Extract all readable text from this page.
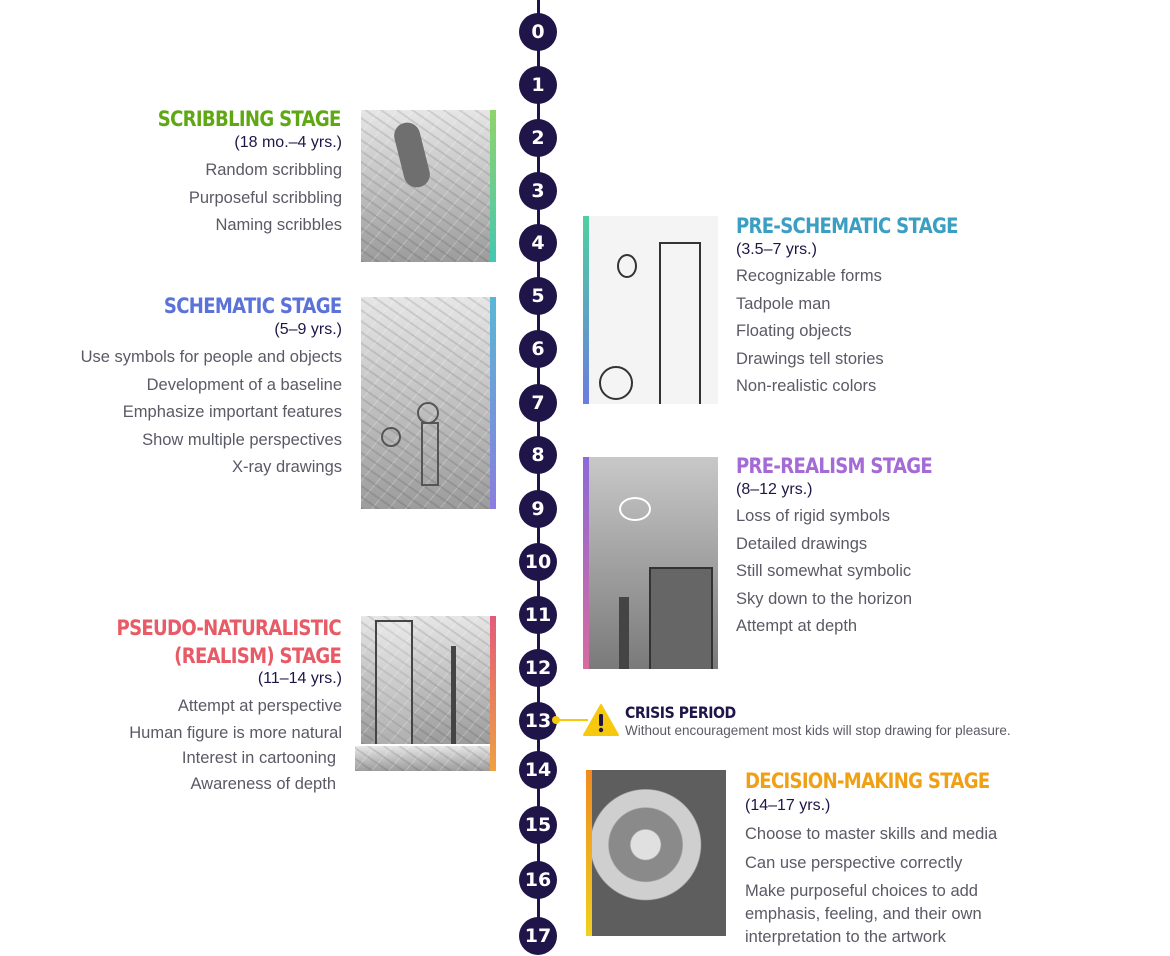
0
1
2
3
4
5
6
7
8
9
10
11
12
13
14
15
16
17
SCRIBBLING STAGE
(18 mo.–4 yrs.)
Random scribbling
Purposeful scribbling
Naming scribbles
SCHEMATIC STAGE
(5–9 yrs.)
Use symbols for people and objects
Development of a baseline
Emphasize important features
Show multiple perspectives
X-ray drawings
PSEUDO-NATURALISTIC
(REALISM) STAGE
(11–14 yrs.)
Attempt at perspective
Human figure is more natural
Interest in cartooning
Awareness of depth
PRE-SCHEMATIC STAGE
(3.5–7 yrs.)
Recognizable forms
Tadpole man
Floating objects
Drawings tell stories
Non-realistic colors
PRE-REALISM STAGE
(8–12 yrs.)
Loss of rigid symbols
Detailed drawings
Still somewhat symbolic
Sky down to the horizon
Attempt at depth
CRISIS PERIOD
Without encouragement most kids will stop drawing for pleasure.
DECISION-MAKING STAGE
(14–17 yrs.)
Choose to master skills and media
Can use perspective correctly
Make purposeful choices to add
emphasis, feeling, and their own
interpretation to the artwork
